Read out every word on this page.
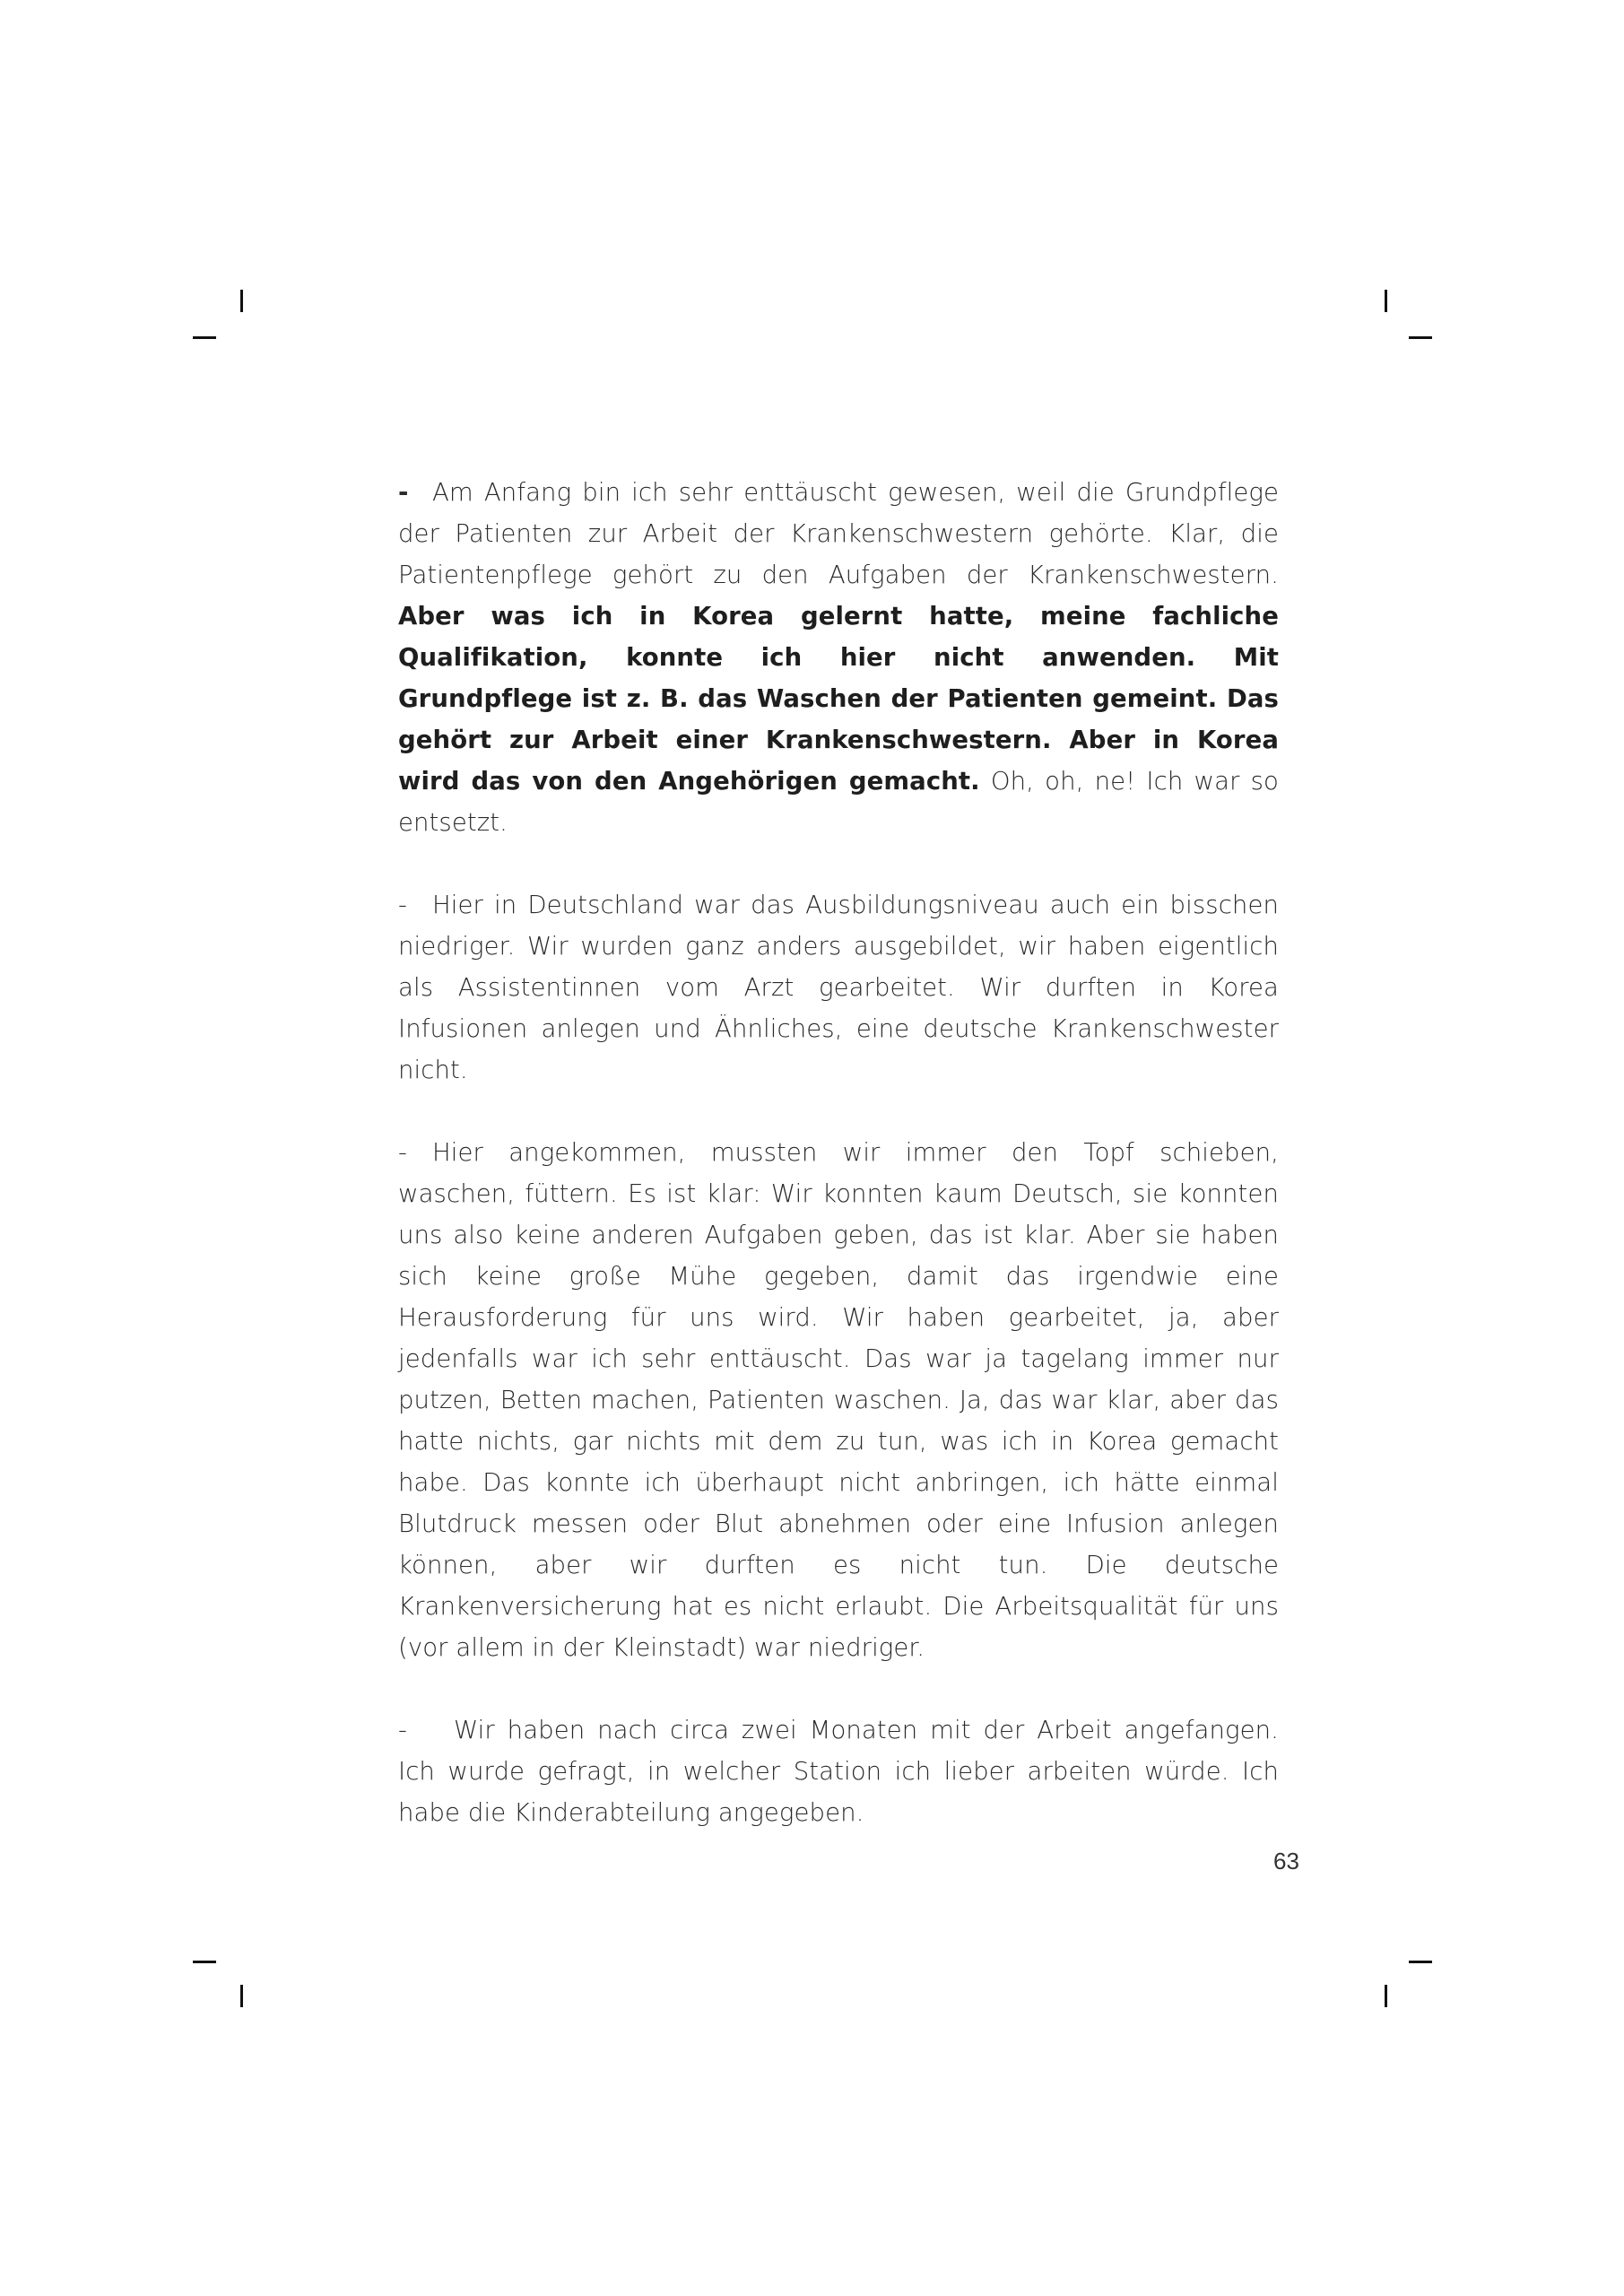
- Am Anfang bin ich sehr enttäuscht gewesen, weil die Grundpflege der Patienten zur Arbeit der Krankenschwestern gehörte. Klar, die Patientenpflege gehört zu den Aufgaben der Krankenschwestern. Aber was ich in Korea gelernt hatte, meine fachliche Qualifikation, konnte ich hier nicht anwenden. Mit Grundpflege ist z. B. das Waschen der Patienten gemeint. Das gehört zur Arbeit einer Krankenschwestern. Aber in Korea wird das von den Angehörigen gemacht. Oh, oh, ne! Ich war so entsetzt.

- Hier in Deutschland war das Ausbildungsniveau auch ein bisschen niedriger. Wir wurden ganz anders ausgebildet, wir haben eigentlich als Assistentinnen vom Arzt gearbeitet. Wir durften in Korea Infusionen anlegen und Ähnliches, eine deutsche Krankenschwester nicht.

- Hier angekommen, mussten wir immer den Topf schieben, waschen, füttern. Es ist klar: Wir konnten kaum Deutsch, sie konnten uns also keine anderen Aufgaben geben, das ist klar. Aber sie haben sich keine große Mühe gegeben, damit das irgendwie eine Herausforderung für uns wird. Wir haben gearbeitet, ja, aber jedenfalls war ich sehr enttäuscht. Das war ja tagelang immer nur putzen, Betten machen, Patienten waschen. Ja, das war klar, aber das hatte nichts, gar nichts mit dem zu tun, was ich in Korea gemacht habe. Das konnte ich überhaupt nicht anbringen, ich hätte einmal Blutdruck messen oder Blut abnehmen oder eine Infusion anlegen können, aber wir durften es nicht tun. Die deutsche Krankenversicherung hat es nicht erlaubt. Die Arbeitsqualität für uns (vor allem in der Kleinstadt) war niedriger.

- Wir haben nach circa zwei Monaten mit der Arbeit angefangen. Ich wurde gefragt, in welcher Station ich lieber arbeiten würde. Ich habe die Kinderabteilung angegeben.

63
